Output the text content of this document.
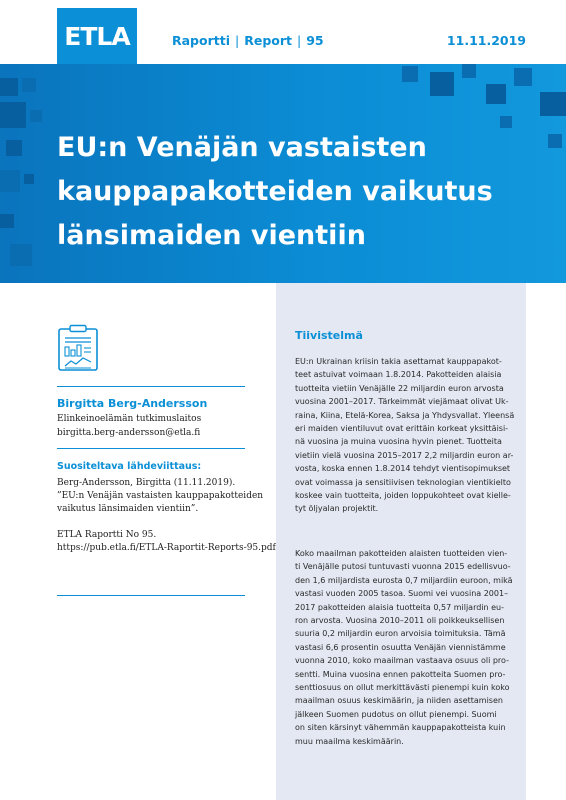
ETLA	Raportti | Report | 95	11.11.2019
EU:n Venäjän vastaisten
kauppapakotteiden vaikutus
länsimaiden vientiin
Birgitta Berg-Andersson
Elinkeinoelämän tutkimuslaitos
birgitta.berg-andersson@etla.fi
Suositeltava lähdeviittaus:
Berg-Andersson, Birgitta (11.11.2019).
”EU:n Venäjän vastaisten kauppapakotteiden
vaikutus länsimaiden vientiin”.
ETLA Raportti No 95.
https://pub.etla.fi/ETLA-Raportit-Reports-95.pdf
Tiivistelmä

EU:n Ukrainan kriisin takia asettamat kauppapakot-
teet astuivat voimaan 1.8.2014. Pakotteiden alaisia
tuotteita vietiin Venäjälle 22 miljardin euron arvosta
vuosina 2001–2017. Tärkeimmät viejämaat olivat Uk-
raina, Kiina, Etelä-Korea, Saksa ja Yhdysvallat. Yleensä
eri maiden vientiluvut ovat erittäin korkeat yksittäisi-
nä vuosina ja muina vuosina hyvin pienet. Tuotteita
vietiin vielä vuosina 2015–2017 2,2 miljardin euron ar-
vosta, koska ennen 1.8.2014 tehdyt vientisopimukset
ovat voimassa ja sensitiivisen teknologian vientikielto
koskee vain tuotteita, joiden loppukohteet ovat kielle-
tyt öljyalan projektit.

Koko maailman pakotteiden alaisten tuotteiden vien-
ti Venäjälle putosi tuntuvasti vuonna 2015 edellisvuo-
den 1,6 miljardista eurosta 0,7 miljardiin euroon, mikä
vastasi vuoden 2005 tasoa. Suomi vei vuosina 2001–
2017 pakotteiden alaisia tuotteita 0,57 miljardin eu-
ron arvosta. Vuosina 2010–2011 oli poikkeuksellisen
suuria 0,2 miljardin euron arvoisia toimituksia. Tämä
vastasi 6,6 prosentin osuutta Venäjän viennistämme
vuonna 2010, koko maailman vastaava osuus oli pro-
sentti. Muina vuosina ennen pakotteita Suomen pro-
senttiosuus on ollut merkittävästi pienempi kuin koko
maailman osuus keskimäärin, ja niiden asettamisen
jälkeen Suomen pudotus on ollut pienempi. Suomi
on siten kärsinyt vähemmän kauppapakotteista kuin
muu maailma keskimäärin.
